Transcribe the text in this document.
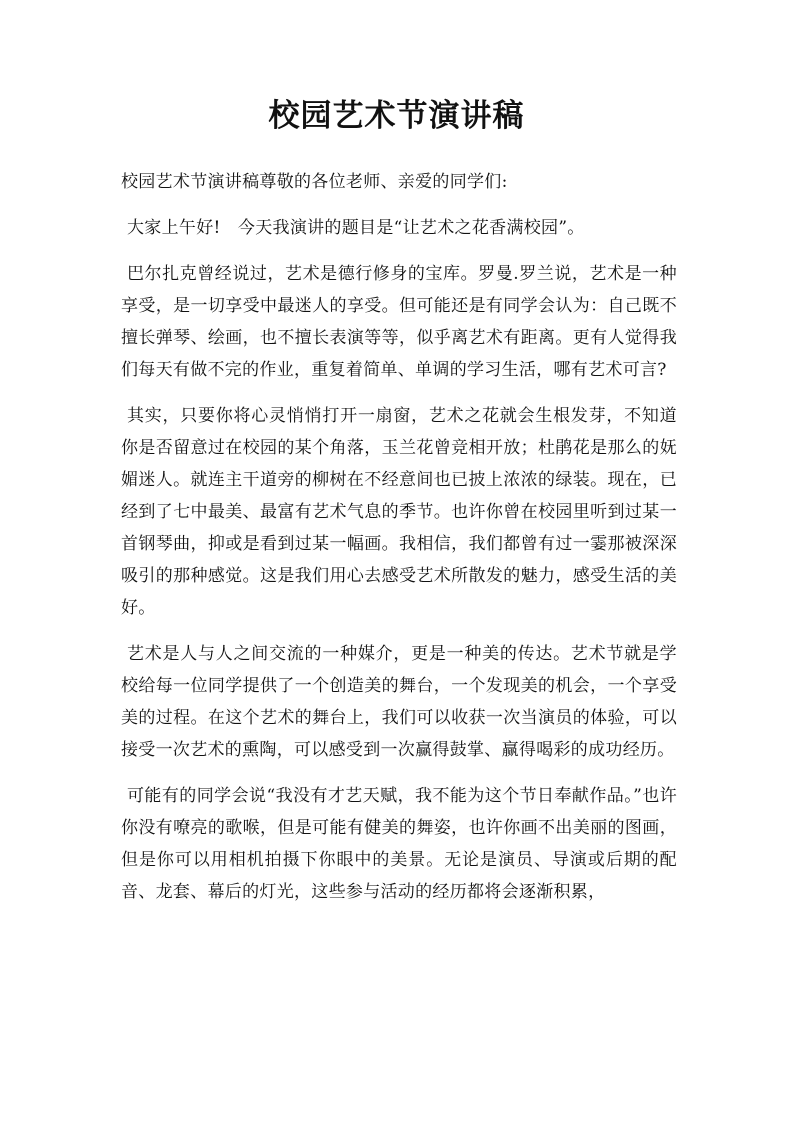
校园艺术节演讲稿

校园艺术节演讲稿尊敬的各位老师、亲爱的同学们:

大家上午好!　今天我演讲的题目是“让艺术之花香满校园”。

巴尔扎克曾经说过，艺术是德行修身的宝库。罗曼.罗兰说，艺术是一种享受，是一切享受中最迷人的享受。但可能还是有同学会认为：自己既不擅长弹琴、绘画，也不擅长表演等等，似乎离艺术有距离。更有人觉得我们每天有做不完的作业，重复着简单、单调的学习生活，哪有艺术可言?

其实，只要你将心灵悄悄打开一扇窗，艺术之花就会生根发芽，不知道你是否留意过在校园的某个角落，玉兰花曾竞相开放；杜鹃花是那么的妩媚迷人。就连主干道旁的柳树在不经意间也已披上浓浓的绿装。现在，已经到了七中最美、最富有艺术气息的季节。也许你曾在校园里听到过某一首钢琴曲，抑或是看到过某一幅画。我相信，我们都曾有过一霎那被深深吸引的那种感觉。这是我们用心去感受艺术所散发的魅力，感受生活的美好。

艺术是人与人之间交流的一种媒介，更是一种美的传达。艺术节就是学校给每一位同学提供了一个创造美的舞台，一个发现美的机会，一个享受美的过程。在这个艺术的舞台上，我们可以收获一次当演员的体验，可以接受一次艺术的熏陶，可以感受到一次赢得鼓掌、赢得喝彩的成功经历。

可能有的同学会说“我没有才艺天赋，我不能为这个节日奉献作品。”也许你没有嘹亮的歌喉，但是可能有健美的舞姿，也许你画不出美丽的图画，但是你可以用相机拍摄下你眼中的美景。无论是演员、导演或后期的配音、龙套、幕后的灯光，这些参与活动的经历都将会逐渐积累，
